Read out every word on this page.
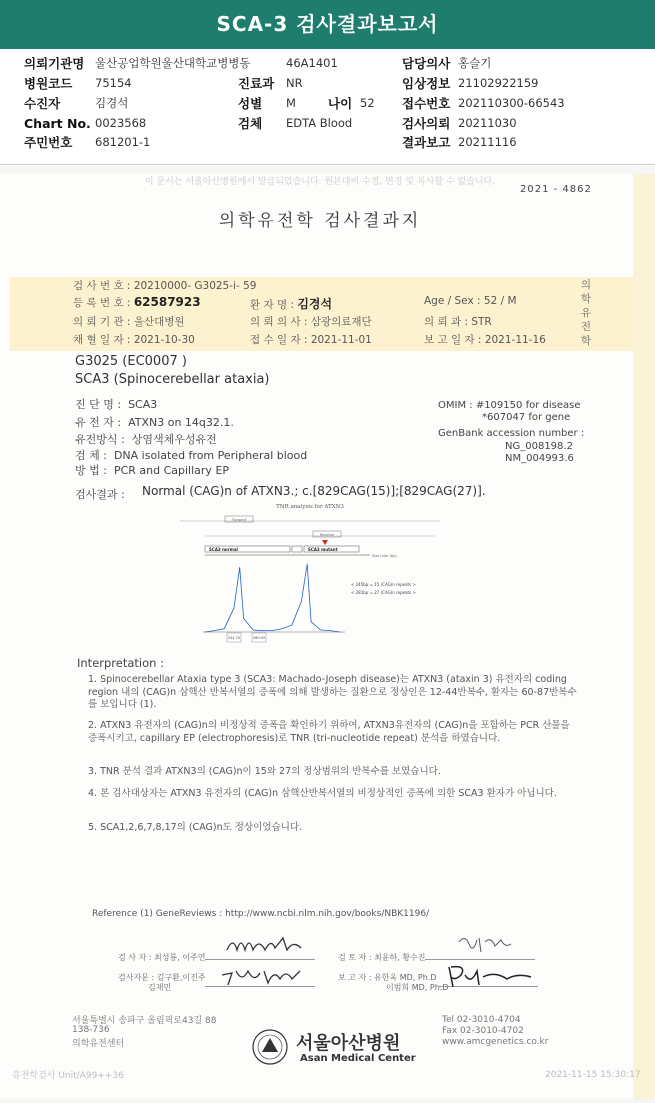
SCA-3 검사결과보고서
의뢰기관명 울산공업학원울산대학교병병동	46A1401	담당의사 홍슬기
병원코드 75154	진료과 NR	임상정보 21102922159
수진자	김경석	성별 M	나이 52 접수번호 202110300-66543
Chart No. 0023568	검체 EDTA Blood	검사의뢰 20211030
주민번호 681201-1	결과보고 20211116
이 문서는 서울아산병원에서 발급되었습니다. 원본대비 수정, 변경 및 복사할 수 없습니다.
2021 - 4862
의학유전학 검사결과지
검 사 번 호 : 20210000- G3025-i- 59
등 록 번 호 : 62587923	환 자 명 : 김경석	Age / Sex : 52 / M
의 뢰 기 관 : 울산대병원	의 뢰 의 사 : 삼광의료재단	의 뢰 과 : STR
채 혈 일 자 : 2021-10-30	접 수 일 자 : 2021-11-01	보 고 일 자 : 2021-11-16
의
학
유
전
학
G3025 (EC0007 )
SCA3 (Spinocerebellar ataxia)
진 단 명 : SCA3
유 전 자 : ATXN3 on 14q32.1.
유전방식 : 상염색체우성유전
검 체 : DNA isolated from Peripheral blood
방 법 : PCR and Capillary EP
OMIM : #109150 for disease
*607047 for gene
GenBank accession number :
NG_008198.2
NM_004993.6
검사결과 : Normal (CAG)n of ATXN3.; c.[829CAG(15)];[829CAG(27)].
TNR analysis for ATXN3
Forward
Reverse
SCA3 normal	SCA3 mutant
Size ruler (bp)
< 245bp = 15 (CAG)n repeats >
< 281bp = 27 (CAG)n repeats >
244.70	280.93
Interpretation :
1. Spinocerebellar Ataxia type 3 (SCA3: Machado-Joseph disease)는 ATXN3 (ataxin 3) 유전자의 coding region 내의 (CAG)n 삼핵산 반복서열의 증폭에 의해 발생하는 질환으로 정상인은 12-44반복수, 환자는 60-87반복수를 보입니다 (1).
2. ATXN3 유전자의 (CAG)n의 비정상적 증폭을 확인하기 위하여, ATXN3유전자의 (CAG)n을 포함하는 PCR 산물을 증폭시키고, capillary EP (electrophoresis)로 TNR (tri-nucleotide repeat) 분석을 하였습니다.
3. TNR 분석 결과 ATXN3의 (CAG)n이 15와 27의 정상범위의 반복수를 보였습니다.
4. 본 검사대상자는 ATXN3 유전자의 (CAG)n 삼핵산반복서열의 비정상적인 증폭에 의한 SCA3 환자가 아닙니다.
5. SCA1,2,6,7,8,17의 (CAG)n도 정상이었습니다.
Reference (1) GeneReviews : http://www.ncbi.nlm.nih.gov/books/NBK1196/
검 사 자 : 최성룡, 이주연	검 토 자 : 최윤하, 황수진
검사자문 : 김구환,이진주
김재민
보 고 자 : 유한욱 MD, Ph.D
이범희 MD, Ph.D
서울특별시 송파구 올림픽로43길 88
138-736
의학유전센터
Tel 02-3010-4704
Fax 02-3010-4702
www.amcgenetics.co.kr
서울아산병원
Asan Medical Center
유전학검사 Unit/A99++36	2021-11-15 15:30:17
